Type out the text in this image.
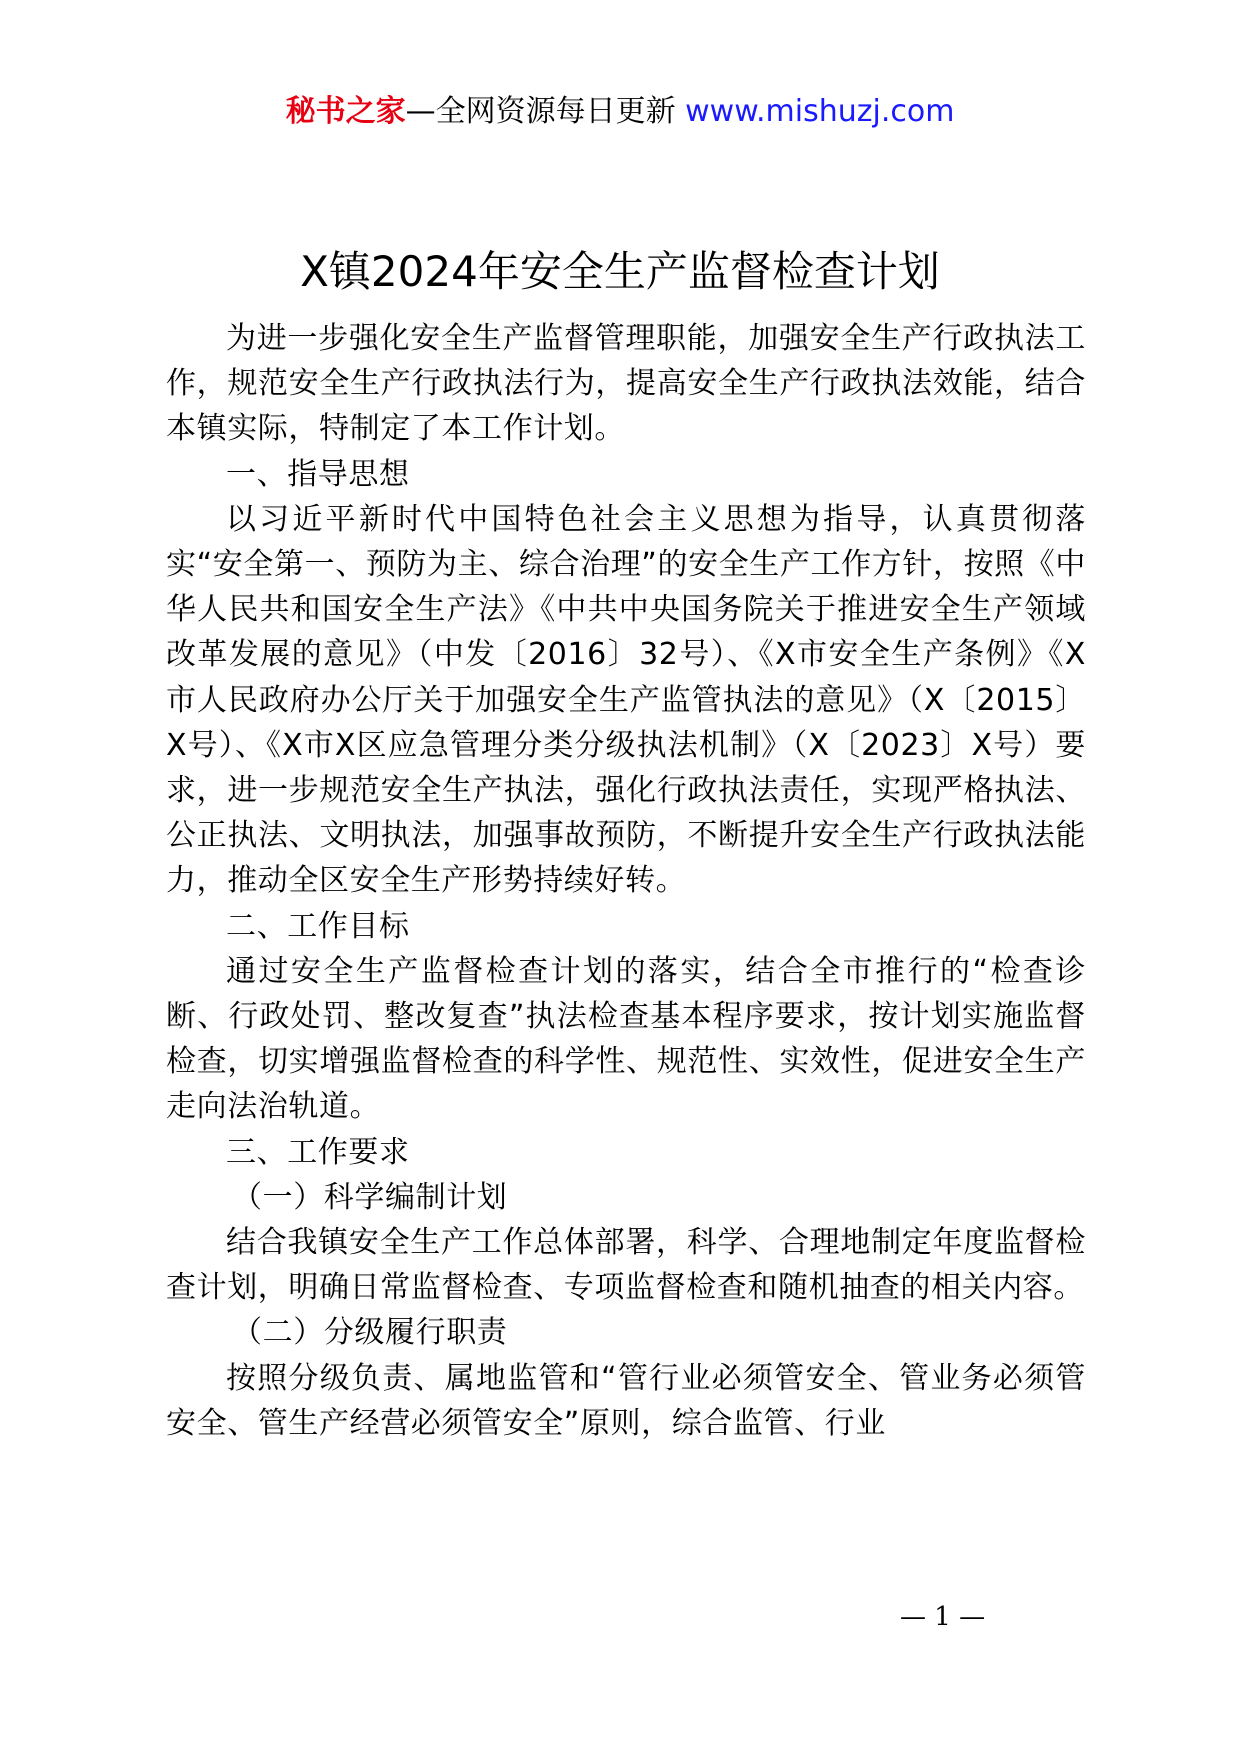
秘书之家—全网资源每日更新 www.mishuzj.com
X镇2024年安全生产监督检查计划

为进一步强化安全生产监督管理职能，加强安全生产行政执法工作，规范安全生产行政执法行为，提高安全生产行政执法效能，结合本镇实际，特制定了本工作计划。

一、指导思想

以习近平新时代中国特色社会主义思想为指导，认真贯彻落实“安全第一、预防为主、综合治理”的安全生产工作方针，按照《中华人民共和国安全生产法》《中共中央国务院关于推进安全生产领域改革发展的意见》（中发〔2016〕32号）、《X市安全生产条例》《X市人民政府办公厅关于加强安全生产监管执法的意见》（X〔2015〕X号）、《X市X区应急管理分类分级执法机制》（X〔2023〕X号）要求，进一步规范安全生产执法，强化行政执法责任，实现严格执法、公正执法、文明执法，加强事故预防，不断提升安全生产行政执法能力，推动全区安全生产形势持续好转。

二、工作目标

通过安全生产监督检查计划的落实，结合全市推行的“检查诊断、行政处罚、整改复查”执法检查基本程序要求，按计划实施监督检查，切实增强监督检查的科学性、规范性、实效性，促进安全生产走向法治轨道。

三、工作要求

（一）科学编制计划

结合我镇安全生产工作总体部署，科学、合理地制定年度监督检查计划，明确日常监督检查、专项监督检查和随机抽查的相关内容。

（二）分级履行职责

按照分级负责、属地监管和“管行业必须管安全、管业务必须管安全、管生产经营必须管安全”原则，综合监管、行业

— 1 —
